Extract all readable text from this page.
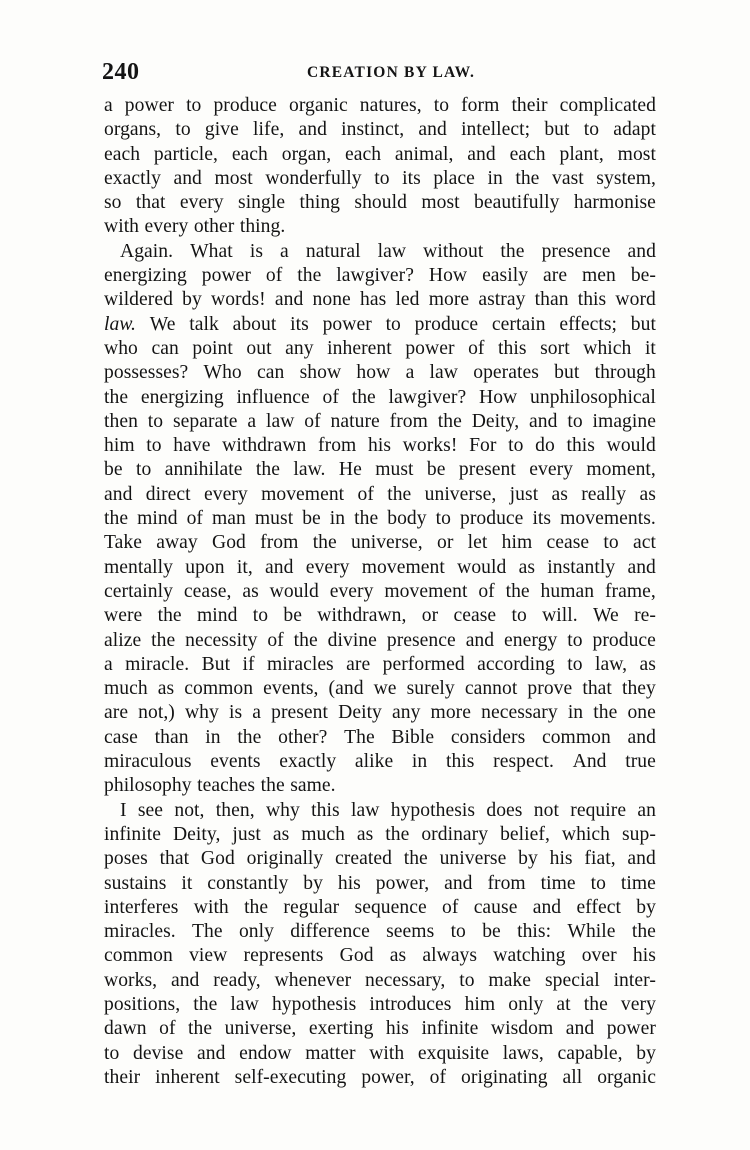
240	CREATION BY LAW.
a power to produce organic natures, to form their complicated
organs, to give life, and instinct, and intellect; but to adapt
each particle, each organ, each animal, and each plant, most
exactly and most wonderfully to its place in the vast system,
so that every single thing should most beautifully harmonise
with every other thing.
Again. What is a natural law without the presence and
energizing power of the lawgiver? How easily are men be-
wildered by words! and none has led more astray than this word
law. We talk about its power to produce certain effects; but
who can point out any inherent power of this sort which it
possesses? Who can show how a law operates but through
the energizing influence of the lawgiver? How unphilosophical
then to separate a law of nature from the Deity, and to imagine
him to have withdrawn from his works! For to do this would
be to annihilate the law. He must be present every moment,
and direct every movement of the universe, just as really as
the mind of man must be in the body to produce its movements.
Take away God from the universe, or let him cease to act
mentally upon it, and every movement would as instantly and
certainly cease, as would every movement of the human frame,
were the mind to be withdrawn, or cease to will. We re-
alize the necessity of the divine presence and energy to produce
a miracle. But if miracles are performed according to law, as
much as common events, (and we surely cannot prove that they
are not,) why is a present Deity any more necessary in the one
case than in the other? The Bible considers common and
miraculous events exactly alike in this respect. And true
philosophy teaches the same.
I see not, then, why this law hypothesis does not require an
infinite Deity, just as much as the ordinary belief, which sup-
poses that God originally created the universe by his fiat, and
sustains it constantly by his power, and from time to time
interferes with the regular sequence of cause and effect by
miracles. The only difference seems to be this: While the
common view represents God as always watching over his
works, and ready, whenever necessary, to make special inter-
positions, the law hypothesis introduces him only at the very
dawn of the universe, exerting his infinite wisdom and power
to devise and endow matter with exquisite laws, capable, by
their inherent self-executing power, of originating all organic
